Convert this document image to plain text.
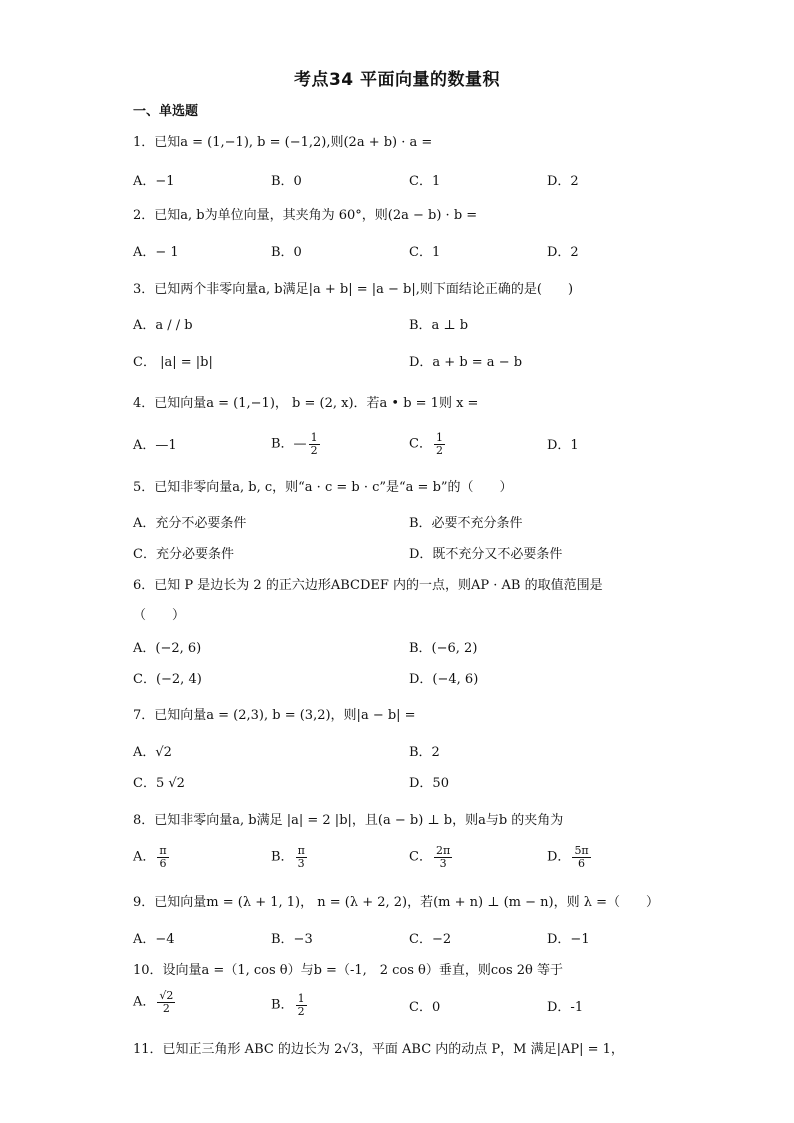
考点34 平面向量的数量积
一、单选题
1．已知a = (1,−1), b = (−1,2),则(2a + b) · a =
A．−1	B．0	C．1	D．2
2．已知a, b为单位向量，其夹角为 60°，则(2a − b) · b =
A．− 1	B．0	C．1	D．2
3．已知两个非零向量a, b满足|a + b| = |a − b|,则下面结论正确的是(　　)
A．a / / b	B．a ⊥ b
C． |a| = |b|	D．a + b = a − b
4．已知向量a = (1,−1)， b = (2, x)．若a • b = 1则 x =
A．—1	B．— $\frac{1}{2}$	C． $\frac{1}{2}$	D．1
5．已知非零向量a, b, c，则“a · c = b · c”是“a = b”的（　　）
A．充分不必要条件	B．必要不充分条件
C．充分必要条件	D．既不充分又不必要条件
6．已知 P 是边长为 2 的正六边形ABCDEF 内的一点，则AP · AB 的取值范围是
（　　）
A．(−2, 6)	B．(−6, 2)
C．(−2, 4)	D．(−4, 6)
7．已知向量a = (2,3), b = (3,2)，则|a − b| =
A．√2	B．2
C．5 √2	D．50
8．已知非零向量a, b满足 |a| = 2 |b|，且(a − b) ⊥ b，则a与b 的夹角为
A． $\frac{\pi}{6}$	B． $\frac{\pi}{3}$	C． $\frac{2\pi}{3}$	D． $\frac{5\pi}{6}$
9．已知向量m = (λ + 1, 1)， n = (λ + 2, 2)，若(m + n) ⊥ (m − n)，则 λ =（　　）
A．−4	B．−3	C．−2	D．−1
10．设向量a =（1, cos θ）与b =（-1,　2 cos θ）垂直，则cos 2θ 等于
A． $\frac{√2}{2}$	B． $\frac{1}{2}$	C．0	D．-1
11．已知正三角形 ABC 的边长为 2√3，平面 ABC 内的动点 P，M 满足|AP| = 1，
